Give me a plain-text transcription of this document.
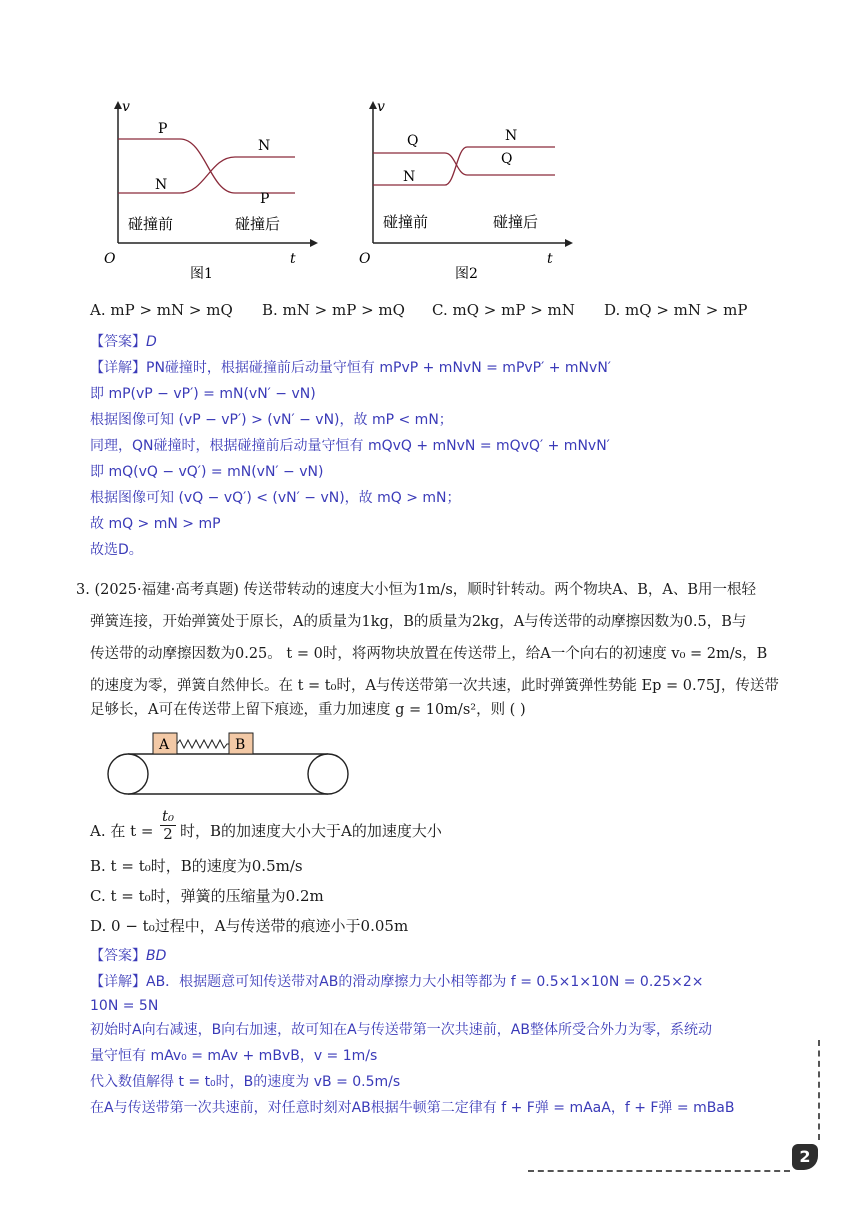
v
t
O
P
N
N
P
碰撞前	碰撞后
图1
v
t
O
Q
N
N
Q
碰撞前	碰撞后
图2
A. mP > mN > mQ B. mN > mP > mQ C. mQ > mP > mN D. mQ > mN > mP
【答案】D
【详解】PN碰撞时，根据碰撞前后动量守恒有 mPvP + mNvN = mPvP′ + mNvN′
即 mP(vP − vP′) = mN(vN′ − vN)
根据图像可知 (vP − vP′) > (vN′ − vN)，故 mP < mN；
同理，QN碰撞时，根据碰撞前后动量守恒有 mQvQ + mNvN = mQvQ′ + mNvN′
即 mQ(vQ − vQ′) = mN(vN′ − vN)
根据图像可知 (vQ − vQ′) < (vN′ − vN)，故 mQ > mN；
故 mQ > mN > mP
故选D。
3. (2025·福建·高考真题) 传送带转动的速度大小恒为1m/s，顺时针转动。两个物块A、B，A、B用一根轻
弹簧连接，开始弹簧处于原长，A的质量为1kg，B的质量为2kg，A与传送带的动摩擦因数为0.5，B与
传送带的动摩擦因数为0.25。 t = 0时，将两物块放置在传送带上，给A一个向右的初速度 v₀ = 2m/s，B
的速度为零，弹簧自然伸长。在 t = t₀时，A与传送带第一次共速，此时弹簧弹性势能 Ep = 0.75J，传送带
足够长，A可在传送带上留下痕迹，重力加速度 g = 10m/s²，则 ( )
A	B
A. 在 $t = \frac{\text{t₀}}{2}$ 时，B的加速度大小大于A的加速度大小
B. t = t₀时，B的速度为0.5m/s
C. t = t₀时，弹簧的压缩量为0.2m
D. 0 − t₀过程中，A与传送带的痕迹小于0.05m
【答案】BD
【详解】AB．根据题意可知传送带对AB的滑动摩擦力大小相等都为 f = 0.5×1×10N = 0.25×2×
10N = 5N
初始时A向右减速，B向右加速，故可知在A与传送带第一次共速前，AB整体所受合外力为零，系统动
量守恒有 mAv₀ = mAv + mBvB，v = 1m/s
代入数值解得 t = t₀时，B的速度为 vB = 0.5m/s
在A与传送带第一次共速前，对任意时刻对AB根据牛顿第二定律有 f + F弹 = mAaA，f + F弹 = mBaB
2
